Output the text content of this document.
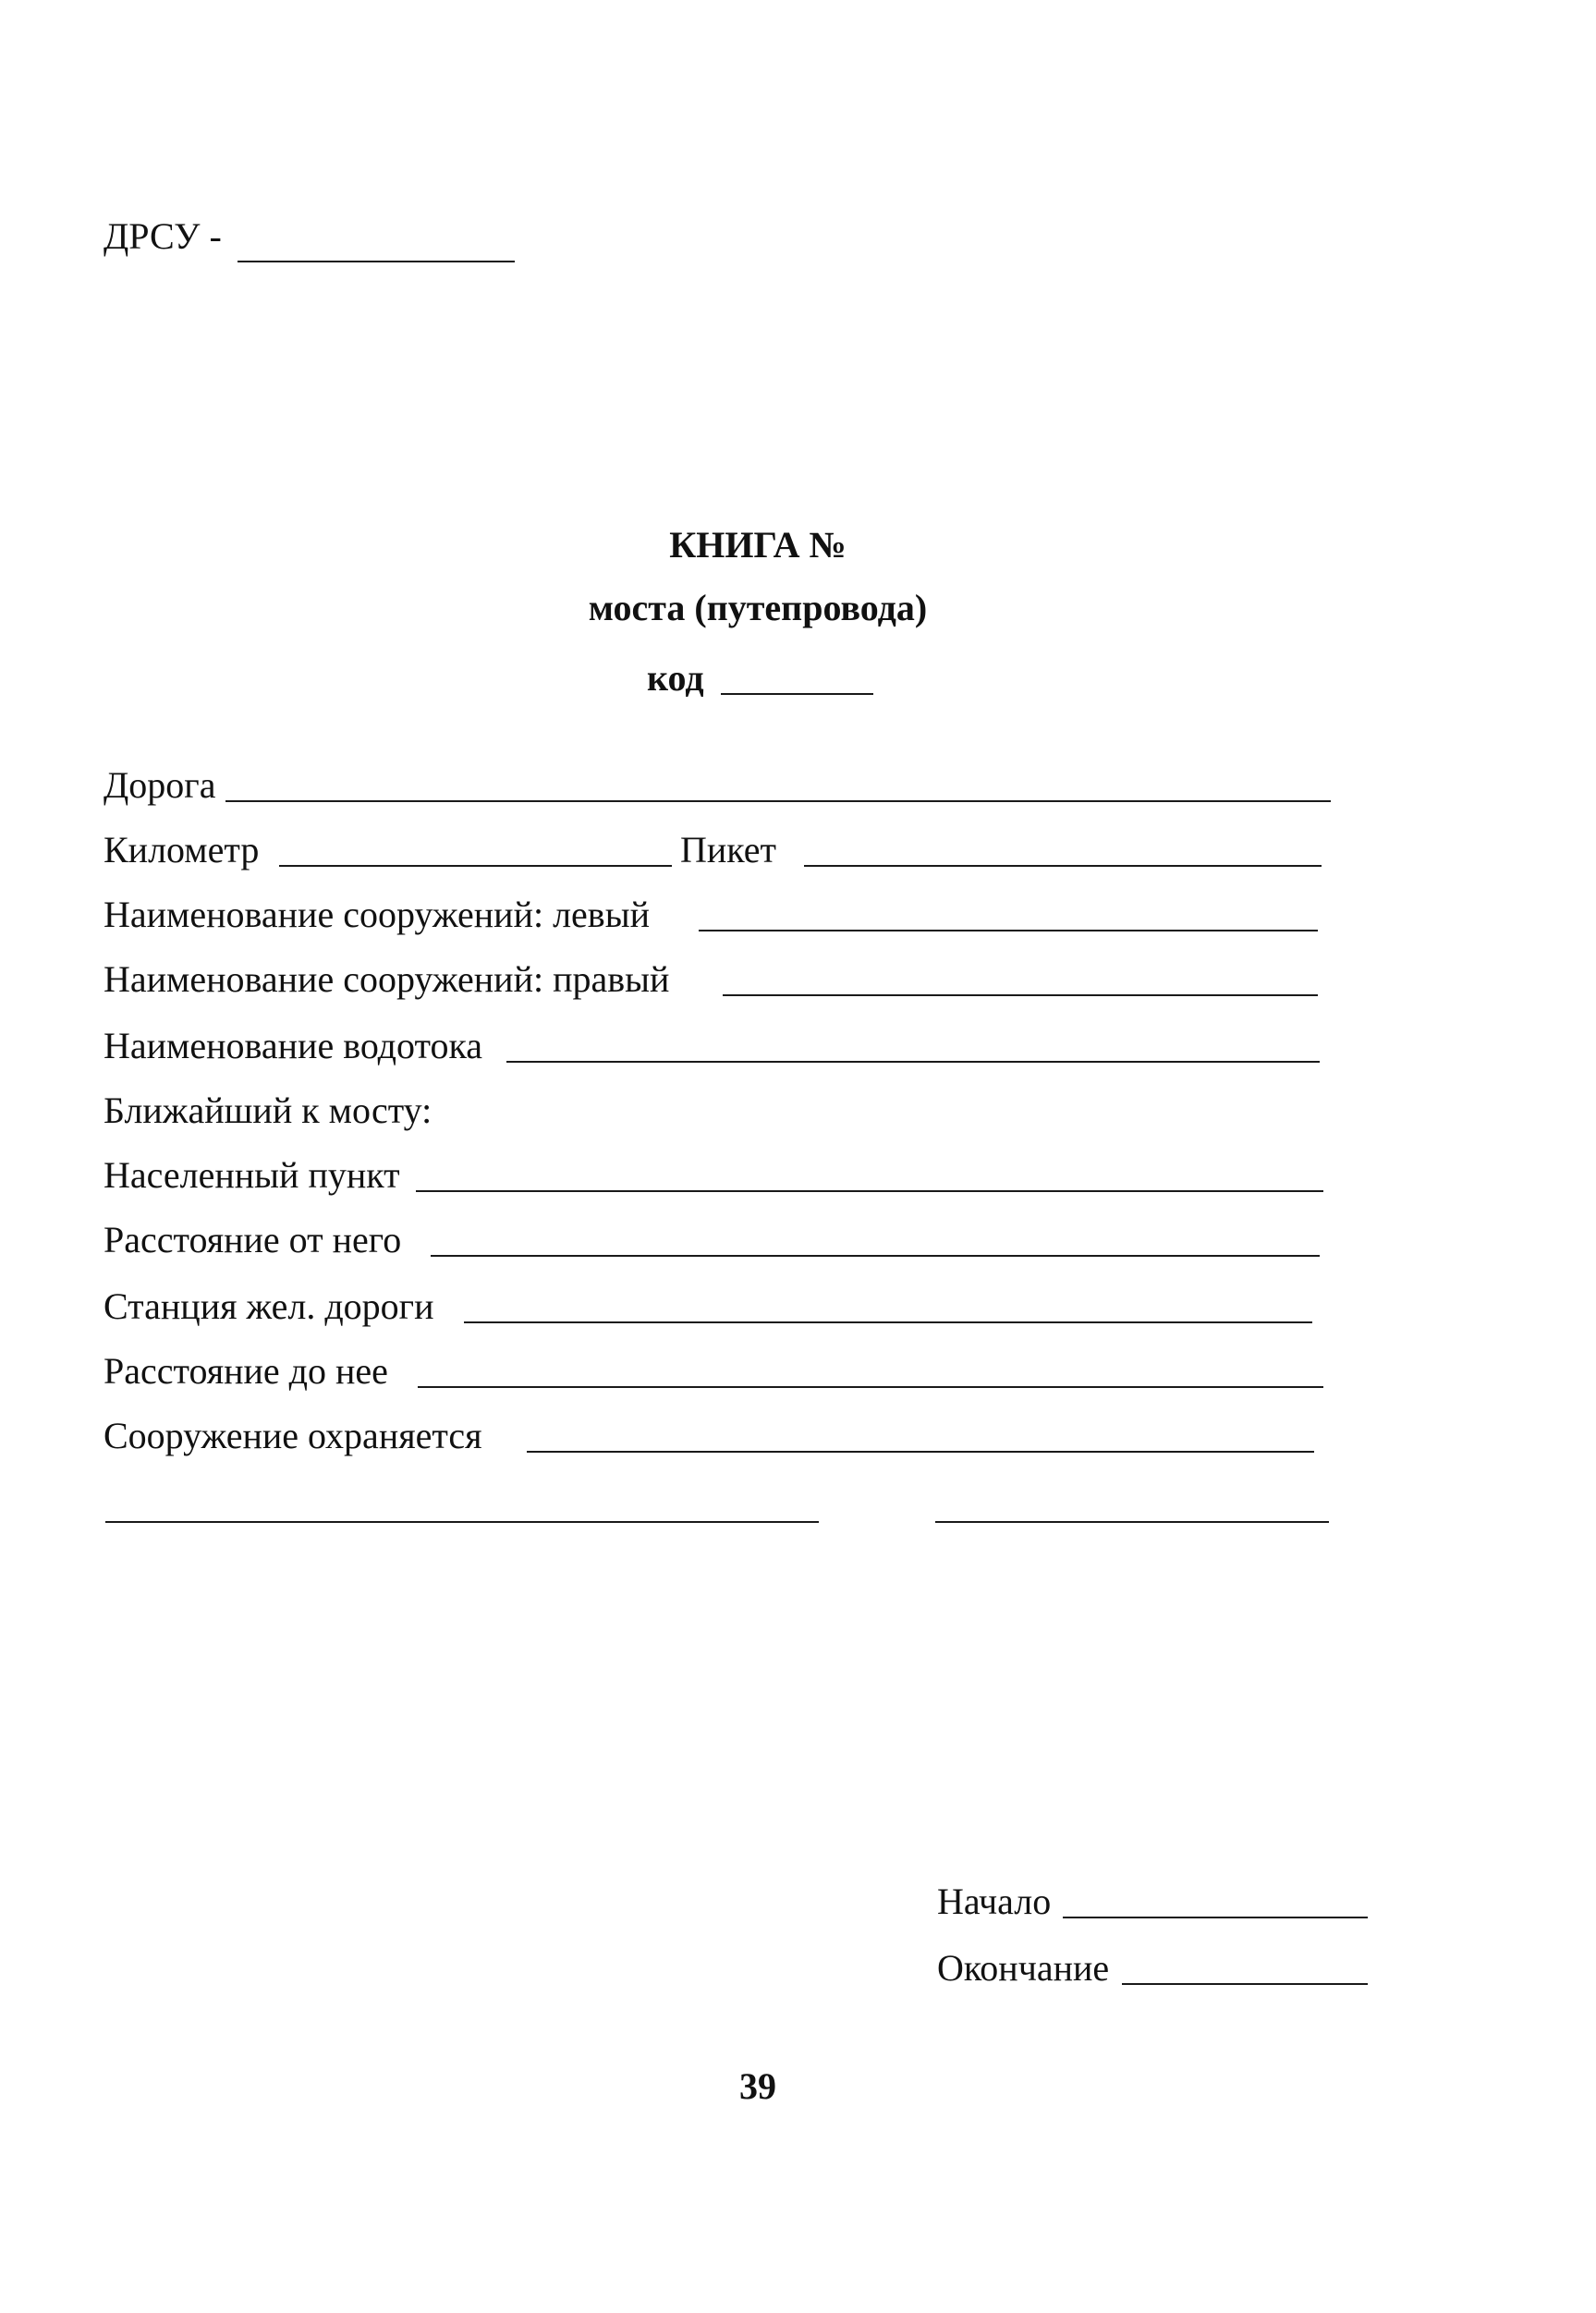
ДРСУ -
КНИГА №
моста (путепровода)
код
Дорога
Километр	Пикет
Наименование сооружений: левый
Наименование сооружений: правый
Наименование водотока
Ближайший к мосту:
Населенный пункт
Расстояние от него
Станция жел. дороги
Расстояние до нее
Сооружение охраняется
Начало
Окончание
39
